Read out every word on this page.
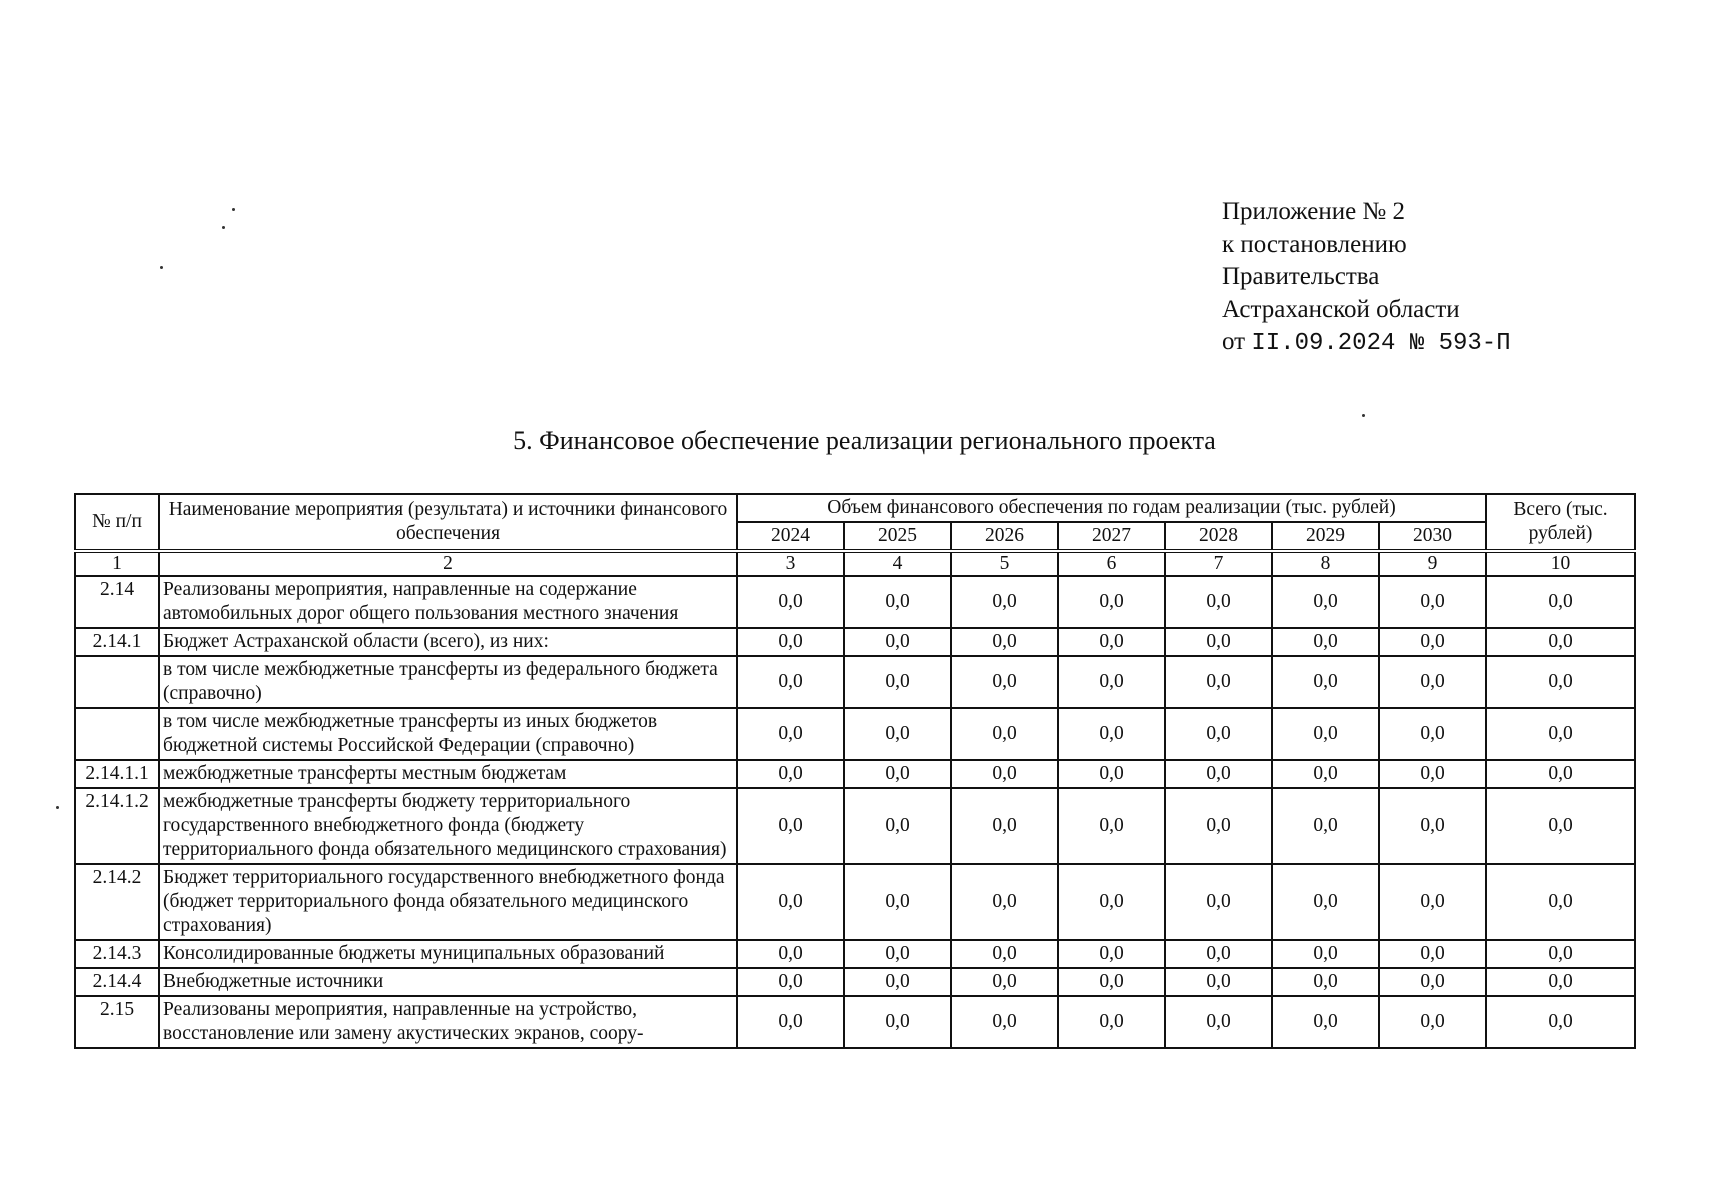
Приложение № 2
к постановлению
Правительства
Астраханской области
от II.09.2024 № 593-П
5. Финансовое обеспечение реализации регионального проекта
№ п/п	Наименование мероприятия (результата) и источники финансового обеспечения	Объем финансового обеспечения по годам реализации (тыс. рублей)							Всего (тыс. рублей)
		2024	2025	2026	2027	2028	2029	2030	
1	2	3	4	5	6	7	8	9	10
2.14	Реализованы мероприятия, направленные на содержание автомобильных дорог общего пользования местного значения	0,0	0,0	0,0	0,0	0,0	0,0	0,0	0,0
2.14.1	Бюджет Астраханской области (всего), из них:	0,0	0,0	0,0	0,0	0,0	0,0	0,0	0,0
	в том числе межбюджетные трансферты из федерального бюджета (справочно)	0,0	0,0	0,0	0,0	0,0	0,0	0,0	0,0
	в том числе межбюджетные трансферты из иных бюджетов бюджетной системы Российской Федерации (справочно)	0,0	0,0	0,0	0,0	0,0	0,0	0,0	0,0
2.14.1.1	межбюджетные трансферты местным бюджетам	0,0	0,0	0,0	0,0	0,0	0,0	0,0	0,0
2.14.1.2	межбюджетные трансферты бюджету территориального государственного внебюджетного фонда (бюджету территориального фонда обязательного медицинского страхования)	0,0	0,0	0,0	0,0	0,0	0,0	0,0	0,0
2.14.2	Бюджет территориального государственного внебюджетного фонда (бюджет территориального фонда обязательного медицинского страхования)	0,0	0,0	0,0	0,0	0,0	0,0	0,0	0,0
2.14.3	Консолидированные бюджеты муниципальных образований	0,0	0,0	0,0	0,0	0,0	0,0	0,0	0,0
2.14.4	Внебюджетные источники	0,0	0,0	0,0	0,0	0,0	0,0	0,0	0,0
2.15	Реализованы мероприятия, направленные на устройство, восстановление или замену акустических экранов, соору-	0,0	0,0	0,0	0,0	0,0	0,0	0,0	0,0
